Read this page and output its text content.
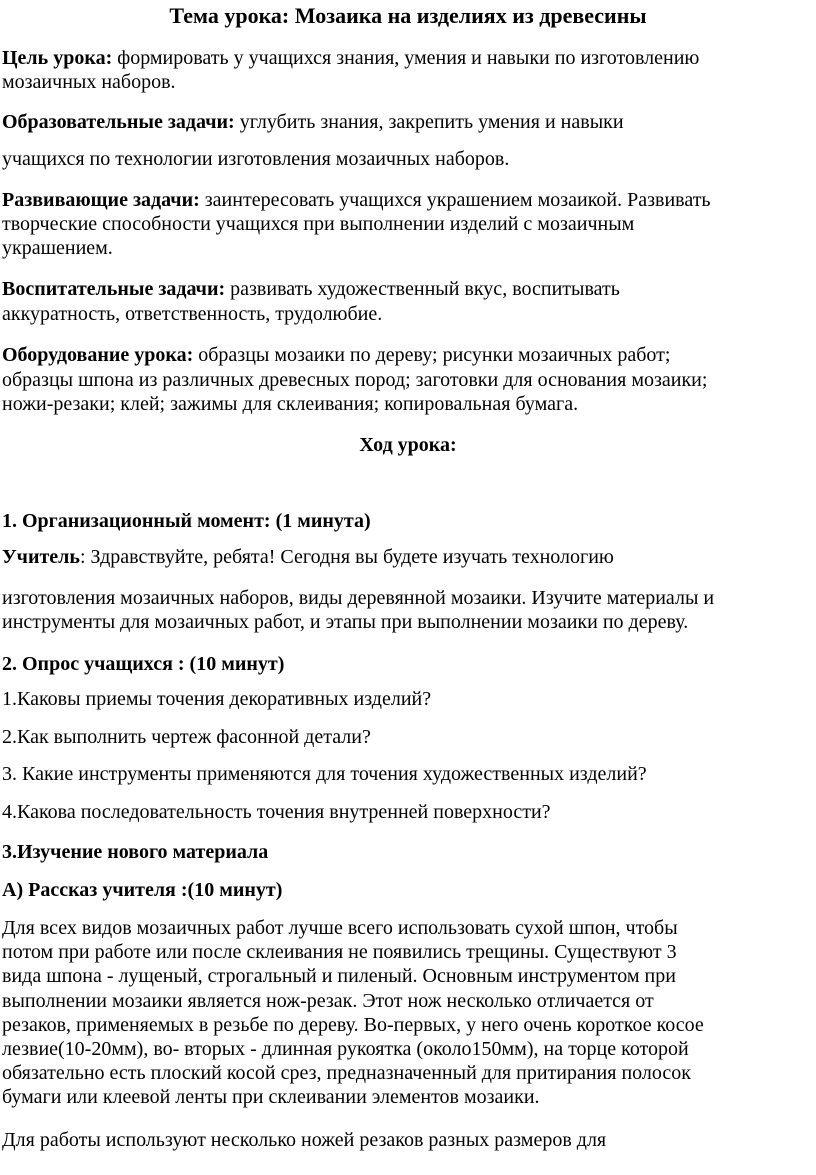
Тема урока: Мозаика на изделиях из древесины
Цель урока: формировать у учащихся знания, умения и навыки по изготовлению
мозаичных наборов.
Образовательные задачи: углубить знания, закрепить умения и навыки
учащихся по технологии изготовления мозаичных наборов.
Развивающие задачи: заинтересовать учащихся украшением мозаикой. Развивать
творческие способности учащихся при выполнении изделий с мозаичным
украшением.
Воспитательные задачи: развивать художественный вкус, воспитывать
аккуратность, ответственность, трудолюбие.
Оборудование урока: образцы мозаики по дереву; рисунки мозаичных работ;
образцы шпона из различных древесных пород; заготовки для основания мозаики;
ножи-резаки; клей; зажимы для склеивания; копировальная бумага.
Ход урока:
1. Организационный момент: (1 минута)
Учитель: Здравствуйте, ребята! Сегодня вы будете изучать технологию
изготовления мозаичных наборов, виды деревянной мозаики. Изучите материалы и
инструменты для мозаичных работ, и этапы при выполнении мозаики по дереву.
2. Опрос учащихся : (10 минут)
1.Каковы приемы точения декоративных изделий?
2.Как выполнить чертеж фасонной детали?
3. Какие инструменты применяются для точения художественных изделий?
4.Какова последовательность точения внутренней поверхности?
3.Изучение нового материала
А) Рассказ учителя :(10 минут)
Для всех видов мозаичных работ лучше всего использовать сухой шпон, чтобы
потом при работе или после склеивания не появились трещины. Существуют 3
вида шпона - лущеный, строгальный и пиленый. Основным инструментом при
выполнении мозаики является нож-резак. Этот нож несколько отличается от
резаков, применяемых в резьбе по дереву. Во-первых, у него очень короткое косое
лезвие(10-20мм), во- вторых - длинная рукоятка (около150мм), на торце которой
обязательно есть плоский косой срез, предназначенный для притирания полосок
бумаги или клеевой ленты при склеивании элементов мозаики.
Для работы используют несколько ножей резаков разных размеров для
